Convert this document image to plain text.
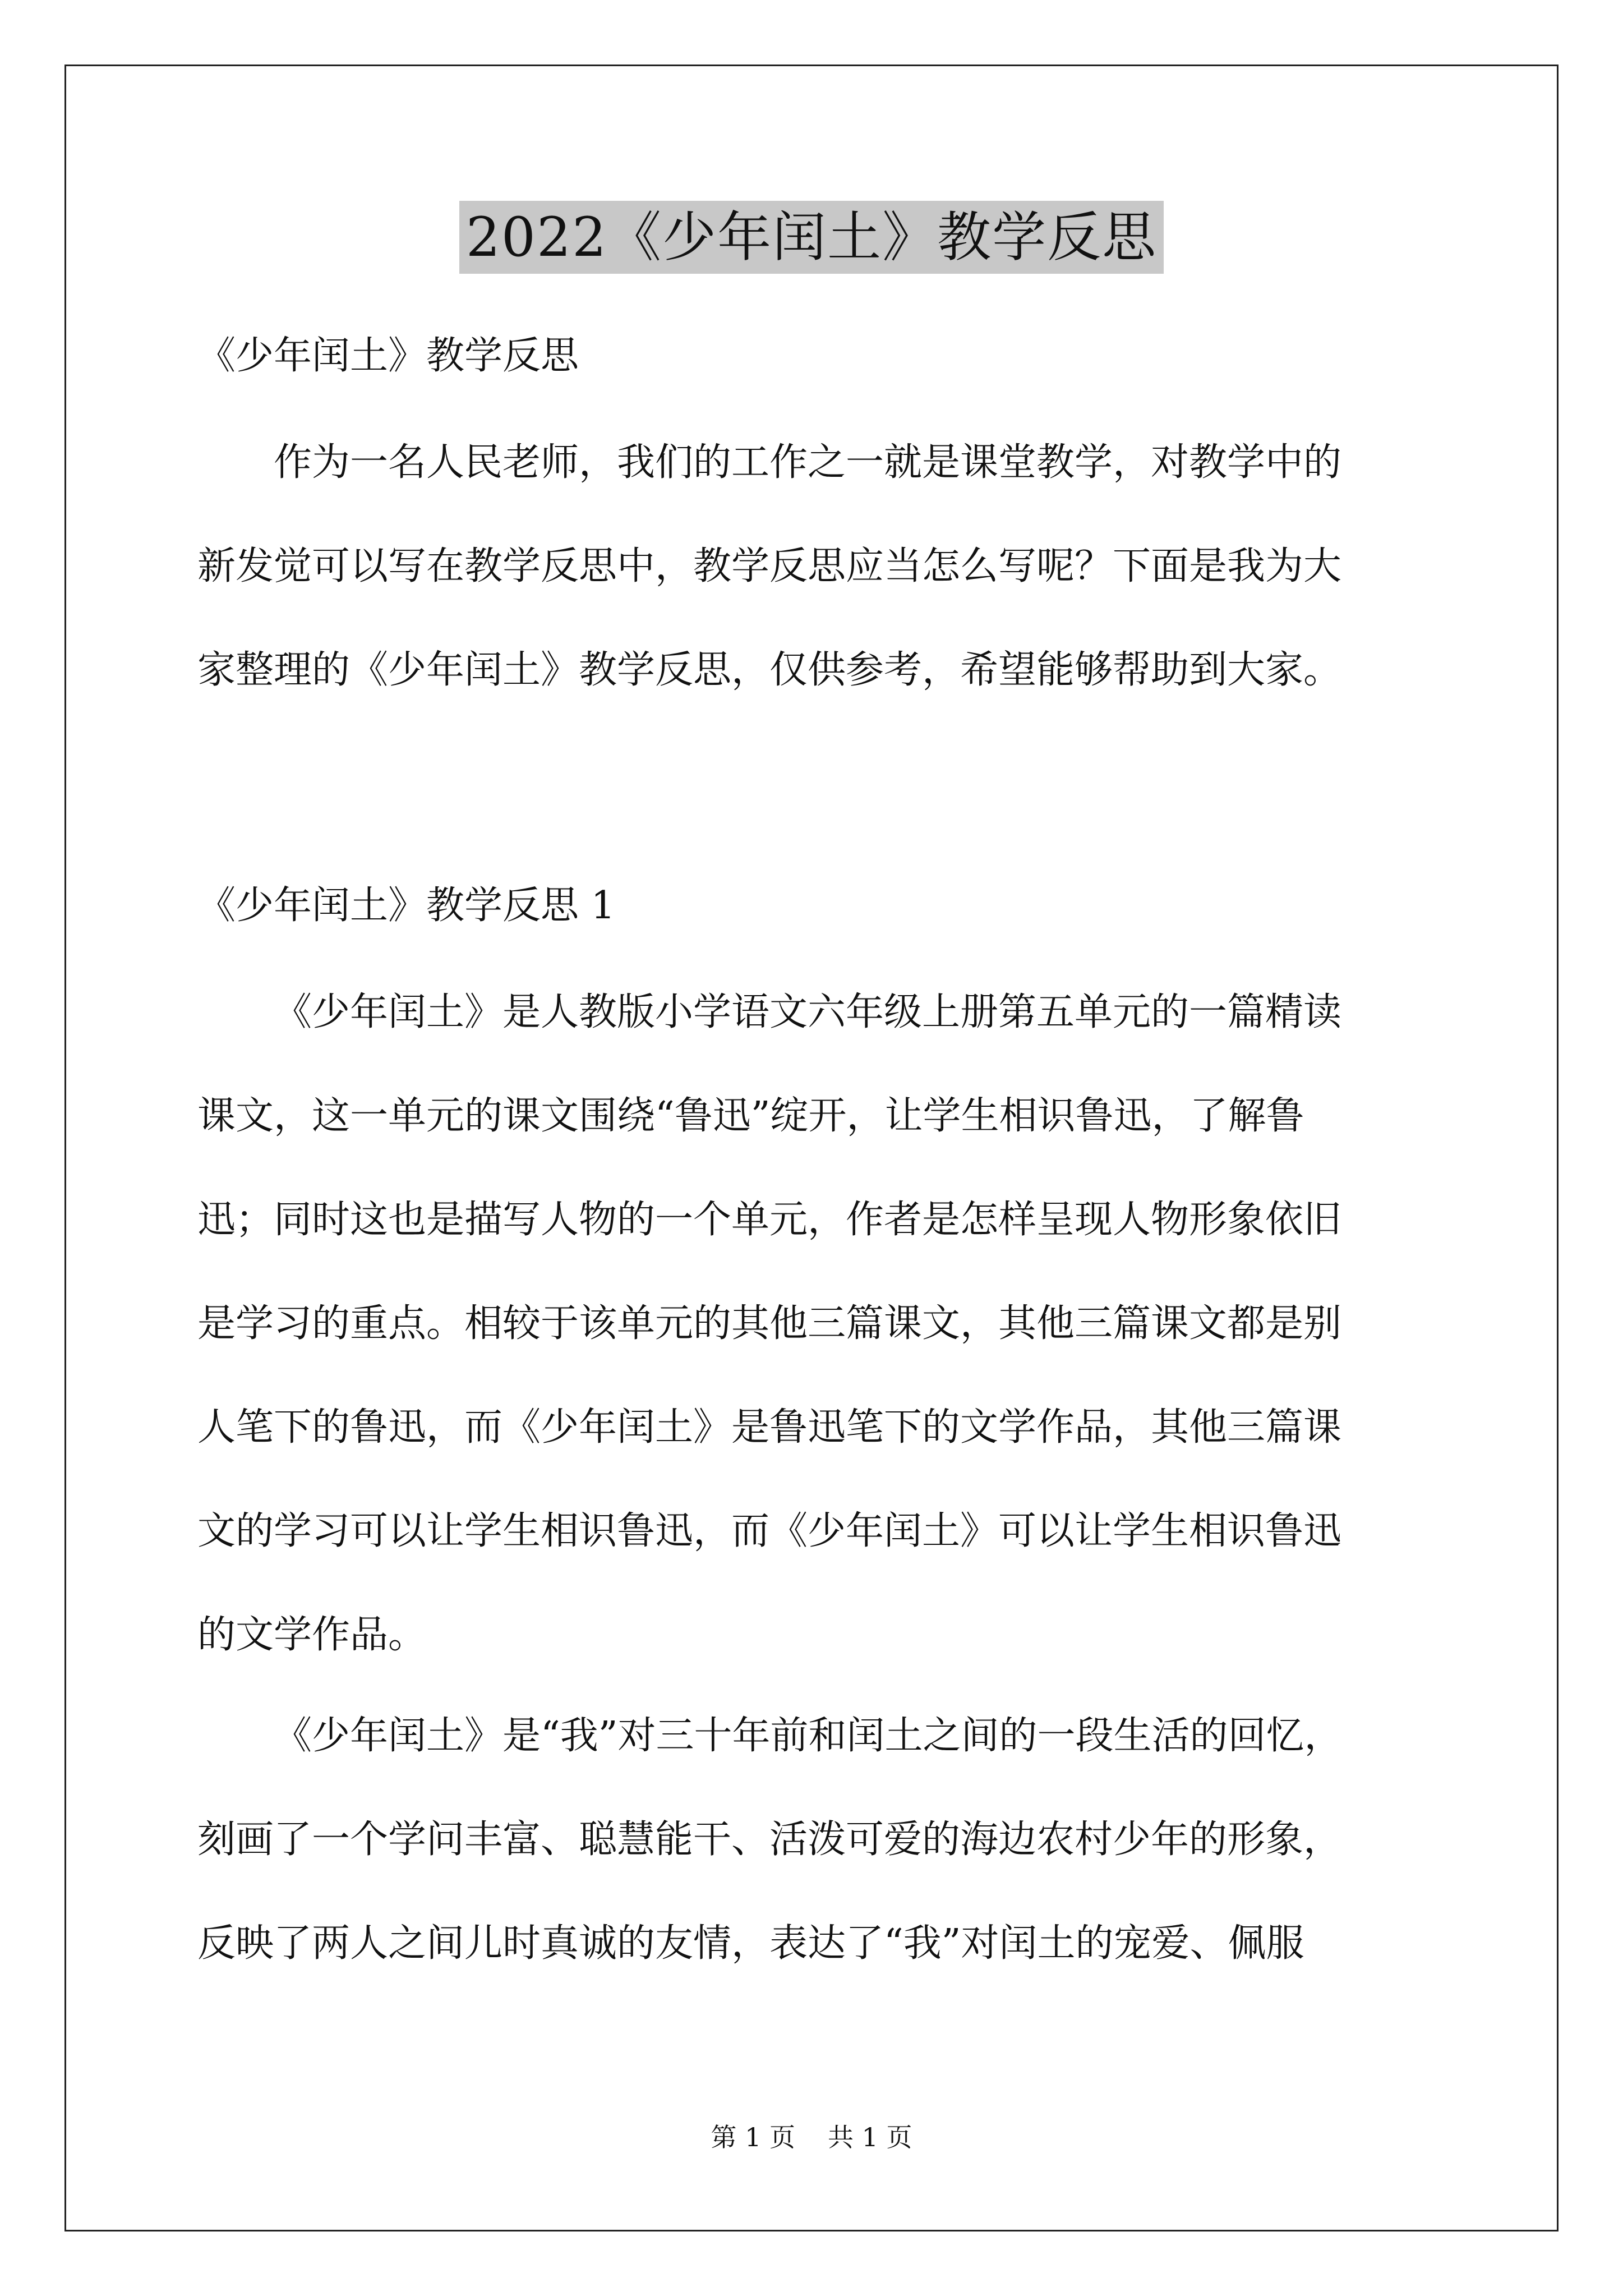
2022《少年闰土》教学反思

《少年闰土》教学反思

作为一名人民老师，我们的工作之一就是课堂教学，对教学中的

新发觉可以写在教学反思中，教学反思应当怎么写呢？下面是我为大

家整理的《少年闰土》教学反思，仅供参考，希望能够帮助到大家。

《少年闰土》教学反思 1

《少年闰土》是人教版小学语文六年级上册第五单元的一篇精读

课文，这一单元的课文围绕“鲁迅”绽开，让学生相识鲁迅，了解鲁

迅；同时这也是描写人物的一个单元，作者是怎样呈现人物形象依旧

是学习的重点。相较于该单元的其他三篇课文，其他三篇课文都是别

人笔下的鲁迅，而《少年闰土》是鲁迅笔下的文学作品，其他三篇课

文的学习可以让学生相识鲁迅，而《少年闰土》可以让学生相识鲁迅

的文学作品。

《少年闰土》是“我”对三十年前和闰土之间的一段生活的回忆，

刻画了一个学问丰富、聪慧能干、活泼可爱的海边农村少年的形象，

反映了两人之间儿时真诚的友情，表达了“我”对闰土的宠爱、佩服

第 1 页 共 1 页
